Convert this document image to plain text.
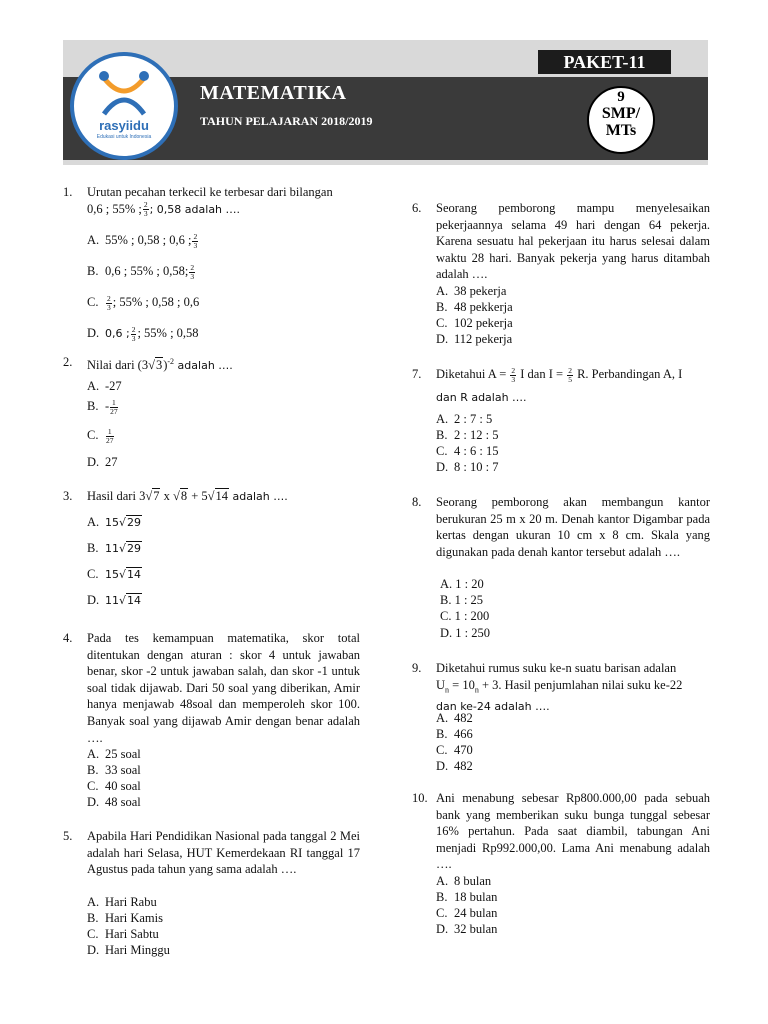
rasyiidu
Edukasi untuk Indonesia
MATEMATIKA
TAHUN PELAJARAN 2018/2019
PAKET-11
9
SMP/
MTs
1. Urutan pecahan terkecil ke terbesar dari bilangan
0,6 ; 55% ; $\frac{2}{3}$ ; 0,58 adalah ….
A. 55% ; 0,58 ; 0,6 ; $\frac{2}{3}$
B. 0,6 ; 55% ; 0,58; $\frac{2}{3}$
C. $\frac{2}{3}$ ; 55% ; 0,58 ; 0,6
D. 0,6 ; $\frac{2}{3}$ ; 55% ; 0,58
2. Nilai dari $(3√3)^{-2}$ adalah ….
A. -27
B. - $\frac{1}{27}$
C. $\frac{1}{27}$
D. 27
3. Hasil dari 3√7 x √8 + 5√14 adalah ….
A. 15√29
B. 11√29
C. 15√14
D. 11√14
4. Pada tes kemampuan matematika, skor total ditentukan dengan aturan : skor 4 untuk jawaban benar, skor -2 untuk jawaban salah, dan skor -1 untuk soal tidak dijawab. Dari 50 soal yang diberikan, Amir hanya menjawab 48soal dan memperoleh skor 100. Banyak soal yang dijawab Amir dengan benar adalah ….
A. 25 soal
B. 33 soal
C. 40 soal
D. 48 soal
5. Apabila Hari Pendidikan Nasional pada tanggal 2 Mei adalah hari Selasa, HUT Kemerdekaan RI tanggal 17 Agustus pada tahun yang sama adalah ….
A. Hari Rabu
B. Hari Kamis
C. Hari Sabtu
D. Hari Minggu
6. Seorang pemborong mampu menyelesaikan pekerjaannya selama 49 hari dengan 64 pekerja. Karena sesuatu hal pekerjaan itu harus selesai dalam waktu 28 hari. Banyak pekerja yang harus ditambah adalah ….
A. 38 pekerja
B. 48 pekkerja
C. 102 pekerja
D. 112 pekerja
7. Diketahui $A = \frac{2}{3}$ I dan $I = \frac{2}{5} R$. Perbandingan A, I
dan R adalah ….
A. 2 : 7 : 5
B. 2 : 12 : 5
C. 4 : 6 : 15
D. 8 : 10 : 7
8. Seorang pemborong akan membangun kantor berukuran 25 m x 20 m. Denah kantor Digambar pada kertas dengan ukuran 10 cm x 8 cm. Skala yang digunakan pada denah kantor tersebut adalah ….
A. 1 : 20
B. 1 : 25
C. 1 : 200
D. 1 : 250
9. Diketahui rumus suku ke-n suatu barisan adalan
$U_n = 10_n + 3$. Hasil penjumlahan nilai suku ke-22
dan ke-24 adalah ….
A. 482
B. 466
C. 470
D. 482
10. Ani menabung sebesar Rp800.000,00 pada sebuah bank yang memberikan suku bunga tunggal sebesar 16% pertahun. Pada saat diambil, tabungan Ani menjadi Rp992.000,00. Lama Ani menabung adalah ….
A. 8 bulan
B. 18 bulan
C. 24 bulan
D. 32 bulan
